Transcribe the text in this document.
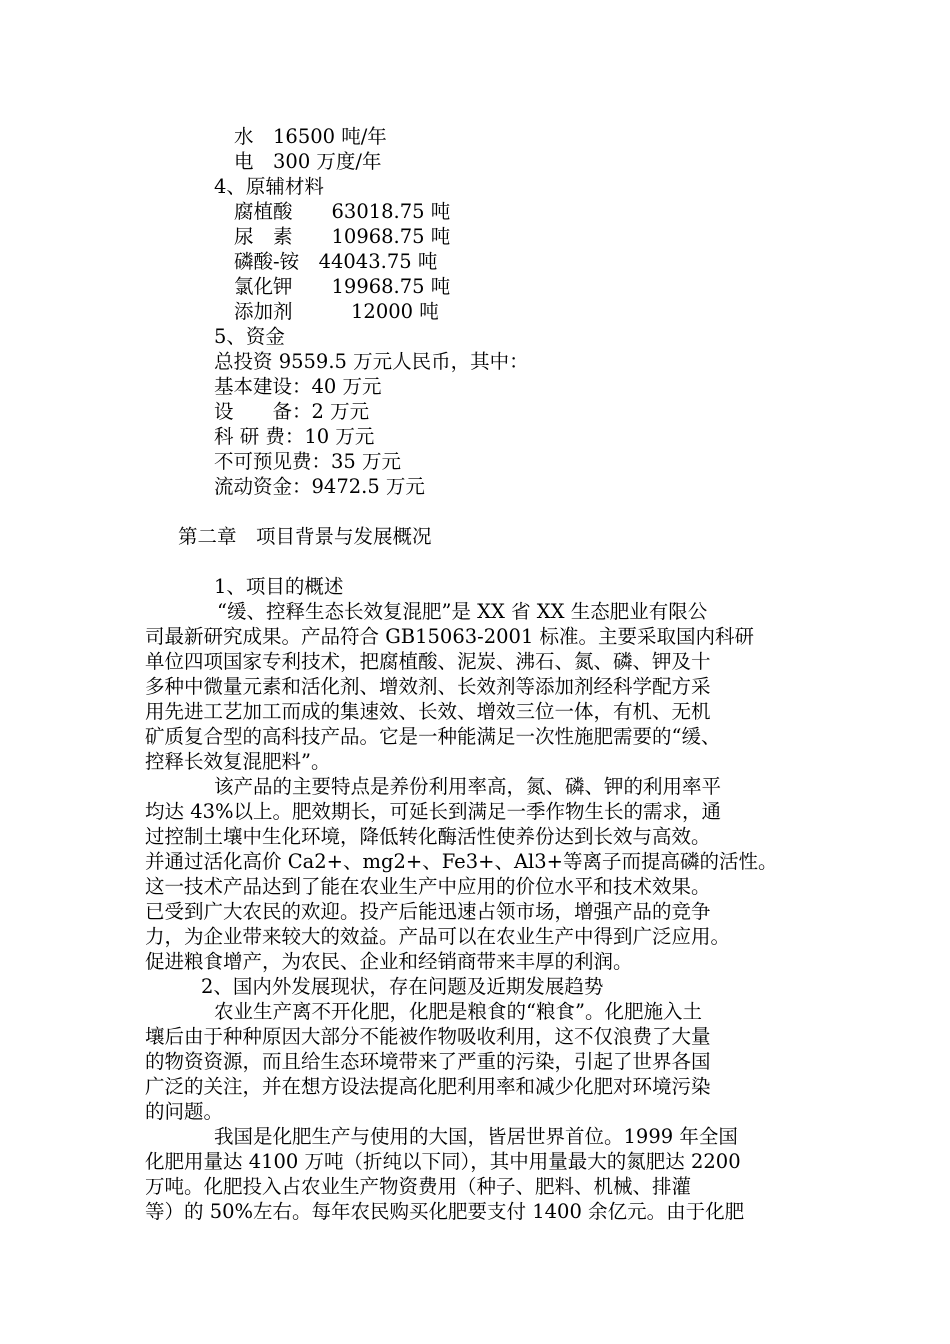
水　16500 吨/年

电　300 万度/年

4、原辅材料

腐植酸　　63018.75 吨

尿　素　　10968.75 吨

磷酸-铵　44043.75 吨

氯化钾　　19968.75 吨

添加剂　　　12000 吨

5、资金

总投资 9559.5 万元人民币，其中：

基本建设：40 万元

设　　备：2 万元

科 研 费：10 万元

不可预见费：35 万元

流动资金：9472.5 万元

第二章　项目背景与发展概况

1、项目的概述

“缓、控释生态长效复混肥”是 XX 省 XX 生态肥业有限公

司最新研究成果。产品符合 GB15063-2001 标准。主要采取国内科研

单位四项国家专利技术，把腐植酸、泥炭、沸石、氮、磷、钾及十

多种中微量元素和活化剂、增效剂、长效剂等添加剂经科学配方采

用先进工艺加工而成的集速效、长效、增效三位一体，有机、无机

矿质复合型的高科技产品。它是一种能满足一次性施肥需要的“缓、

控释长效复混肥料”。

该产品的主要特点是养份利用率高，氮、磷、钾的利用率平

均达 43%以上。肥效期长，可延长到满足一季作物生长的需求，通

过控制土壤中生化环境，降低转化酶活性使养份达到长效与高效。

并通过活化高价 Ca2+、mg2+、Fe3+、Al3+等离子而提高磷的活性。

这一技术产品达到了能在农业生产中应用的价位水平和技术效果。

已受到广大农民的欢迎。投产后能迅速占领市场，增强产品的竞争

力，为企业带来较大的效益。产品可以在农业生产中得到广泛应用。

促进粮食增产，为农民、企业和经销商带来丰厚的利润。

2、国内外发展现状，存在问题及近期发展趋势

农业生产离不开化肥，化肥是粮食的“粮食”。化肥施入土

壤后由于种种原因大部分不能被作物吸收利用，这不仅浪费了大量

的物资资源，而且给生态环境带来了严重的污染，引起了世界各国

广泛的关注，并在想方设法提高化肥利用率和减少化肥对环境污染

的问题。

我国是化肥生产与使用的大国，皆居世界首位。1999 年全国

化肥用量达 4100 万吨（折纯以下同），其中用量最大的氮肥达 2200

万吨。化肥投入占农业生产物资费用（种子、肥料、机械、排灌

等）的 50%左右。每年农民购买化肥要支付 1400 余亿元。由于化肥
